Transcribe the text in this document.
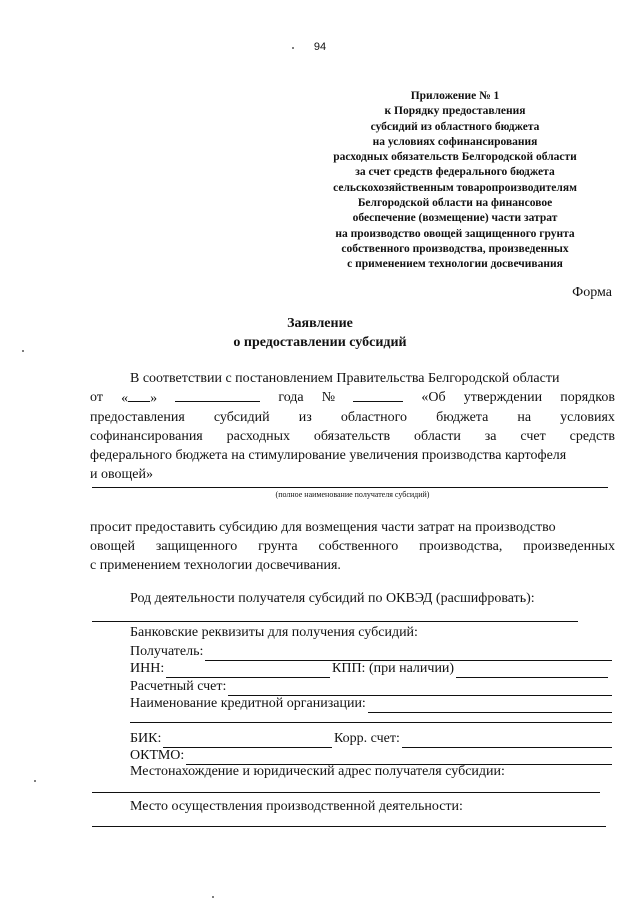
94
Приложение № 1
к Порядку предоставления
субсидий из областного бюджета
на условиях софинансирования
расходных обязательств Белгородской области
за счет средств федерального бюджета
сельскохозяйственным товаропроизводителям
Белгородской области на финансовое
обеспечение (возмещение) части затрат
на производство овощей защищенного грунта
собственного производства, произведенных
с применением технологии досвечивания
Форма
Заявление
о предоставлении субсидий
В соответствии с постановлением Правительства Белгородской области
от « »	года №	«Об утверждении порядков
предоставления субсидий из областного бюджета на условиях
софинансирования расходных обязательств области за счет средств
федерального бюджета на стимулирование увеличения производства картофеля
и овощей»
(полное наименование получателя субсидий)
просит предоставить субсидию для возмещения части затрат на производство
овощей защищенного грунта собственного производства, произведенных
с применением технологии досвечивания.
Род деятельности получателя субсидий по ОКВЭД (расшифровать):
Банковские реквизиты для получения субсидий:
Получатель:
ИНН:	КПП: (при наличии)
Расчетный счет:
Наименование кредитной организации:
БИК:	Корр. счет:
ОКТМО:
Местонахождение и юридический адрес получателя субсидии:
Место осуществления производственной деятельности:
